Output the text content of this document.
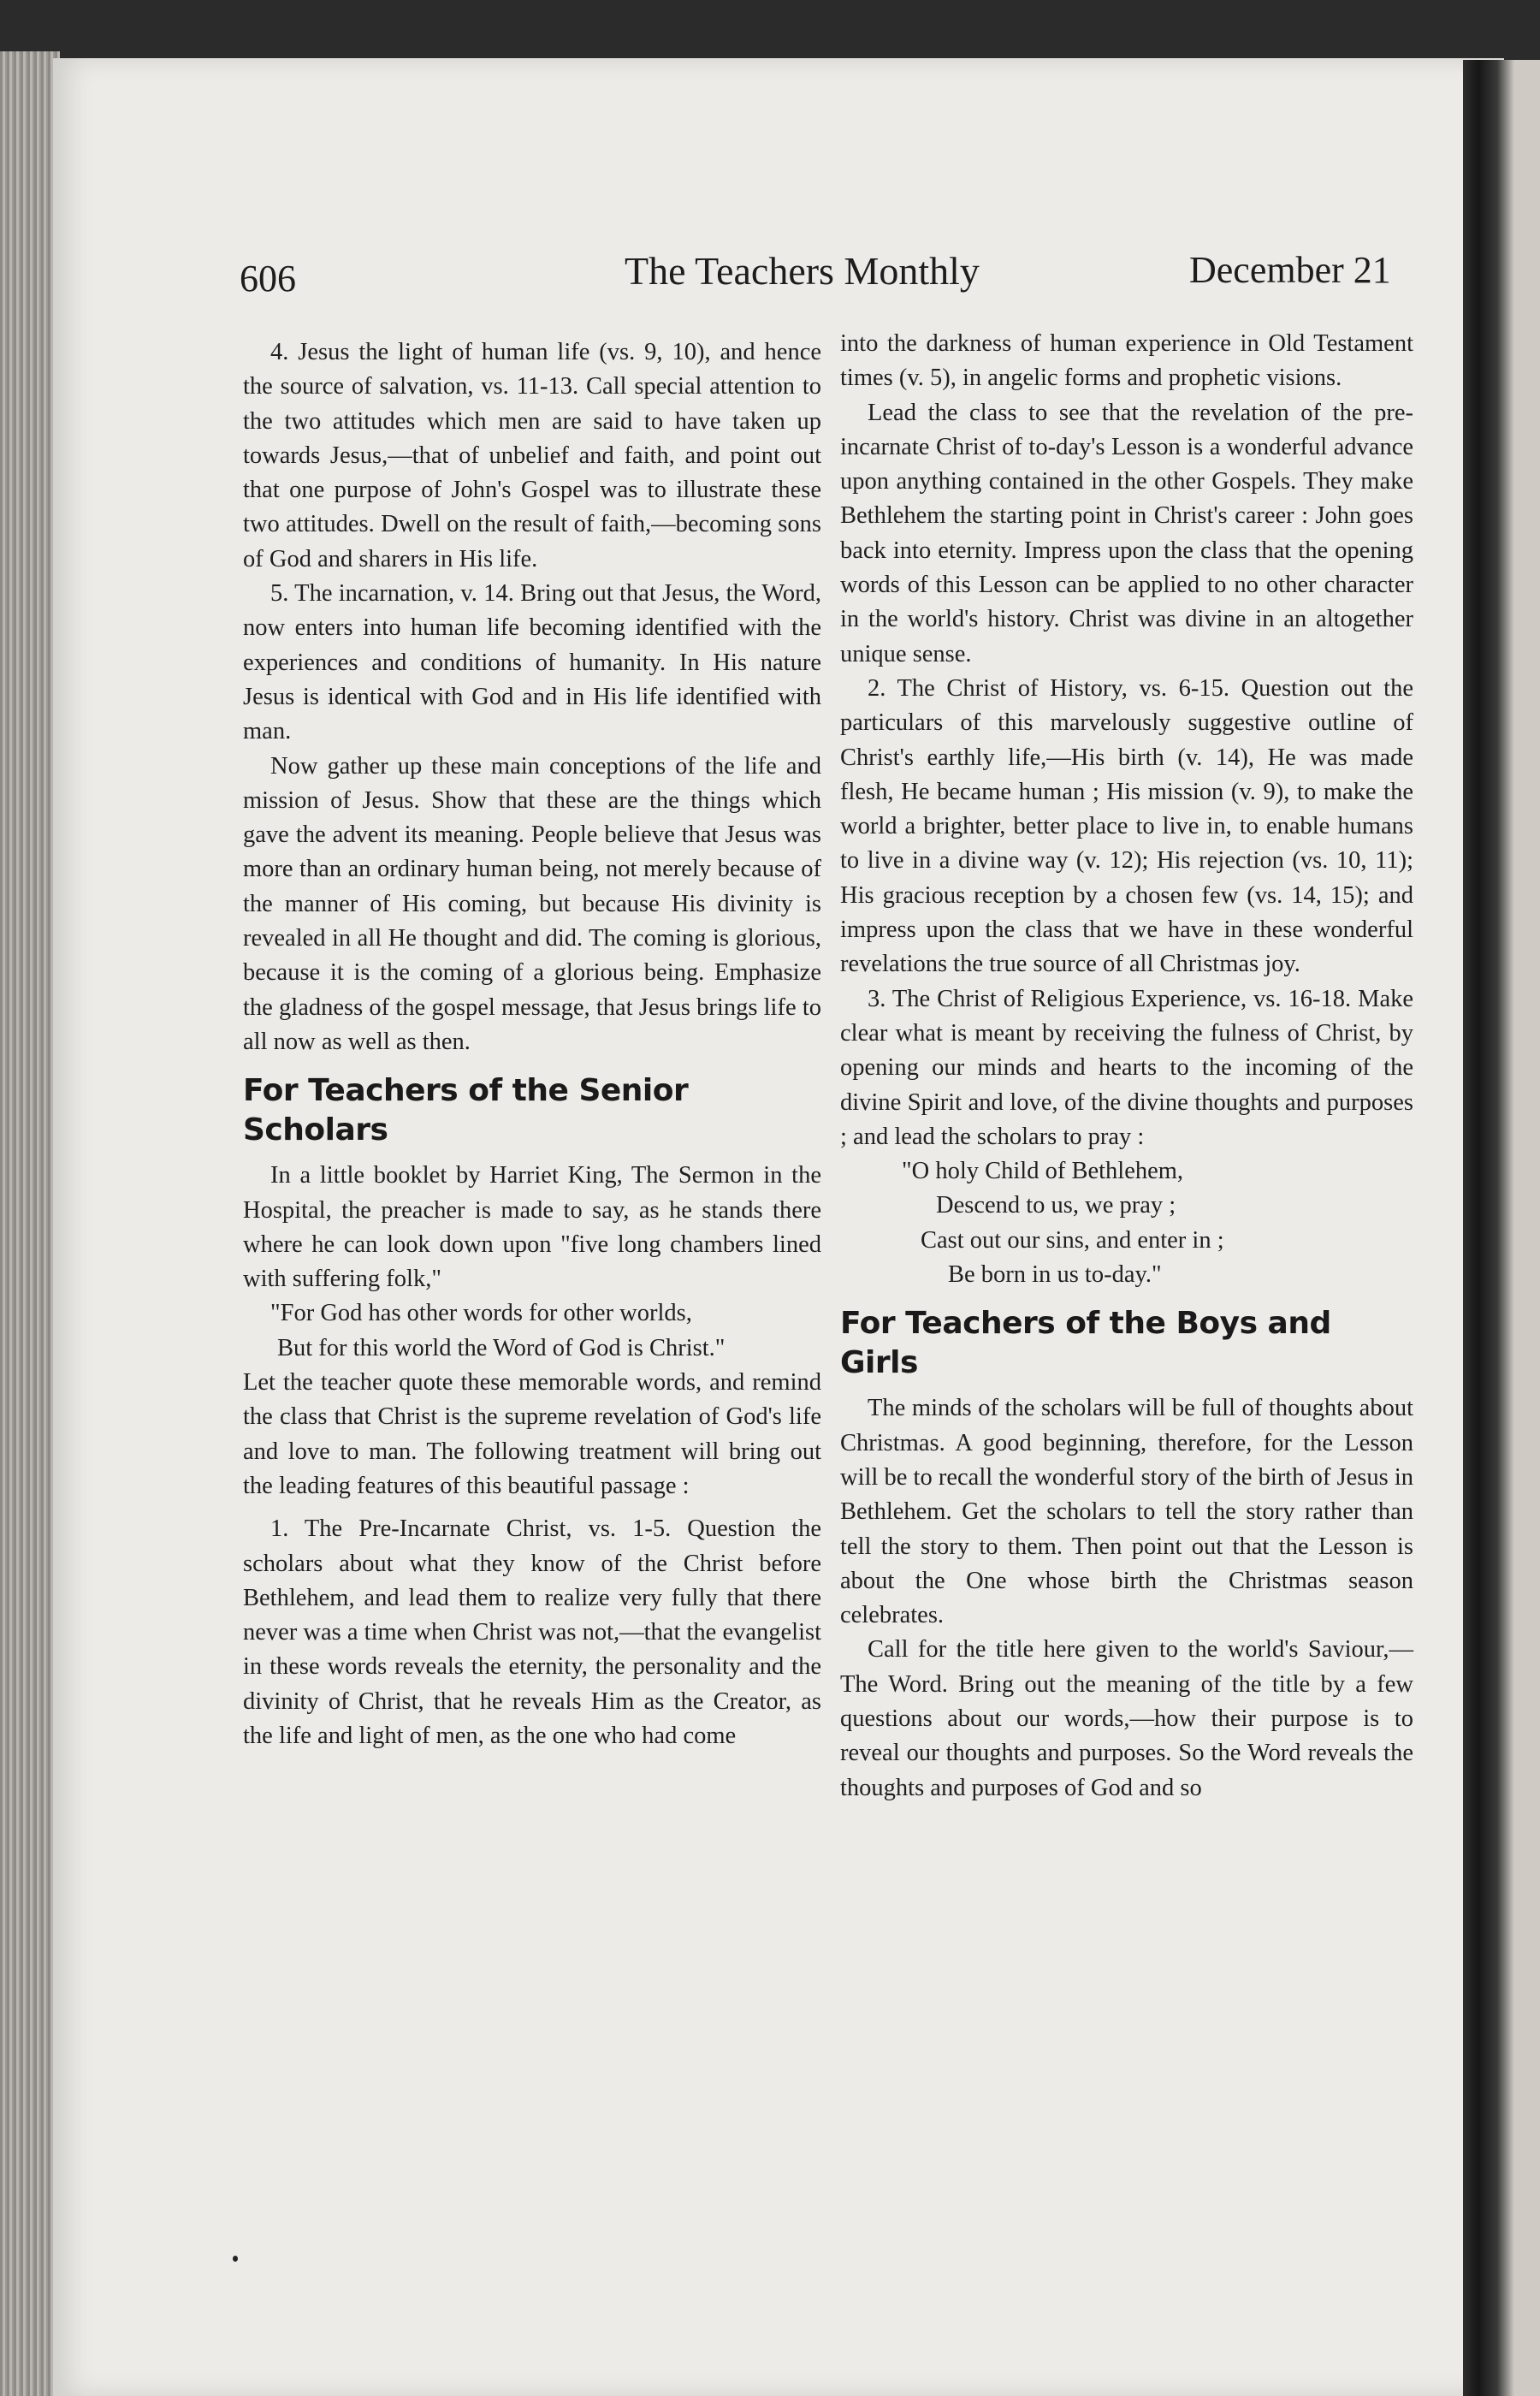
606	The Teachers Monthly	December 21

4. Jesus the light of human life (vs. 9, 10), and hence the source of salvation, vs. 11-13. Call special attention to the two attitudes which men are said to have taken up towards Jesus,—that of unbelief and faith, and point out that one purpose of John's Gospel was to illustrate these two attitudes. Dwell on the result of faith,—becoming sons of God and sharers in His life.

5. The incarnation, v. 14. Bring out that Jesus, the Word, now enters into human life becoming identified with the experiences and conditions of humanity. In His nature Jesus is identical with God and in His life identified with man.

Now gather up these main conceptions of the life and mission of Jesus. Show that these are the things which gave the advent its meaning. People believe that Jesus was more than an ordinary human being, not merely because of the manner of His coming, but because His divinity is revealed in all He thought and did. The coming is glorious, because it is the coming of a glorious being. Emphasize the gladness of the gospel message, that Jesus brings life to all now as well as then.

For Teachers of the Senior Scholars

In a little booklet by Harriet King, The Sermon in the Hospital, the preacher is made to say, as he stands there where he can look down upon "five long chambers lined with suffering folk,"

"For God has other words for other worlds,

But for this world the Word of God is Christ."

Let the teacher quote these memorable words, and remind the class that Christ is the supreme revelation of God's life and love to man. The following treatment will bring out the leading features of this beautiful passage :

1. The Pre-Incarnate Christ, vs. 1-5. Question the scholars about what they know of the Christ before Bethlehem, and lead them to realize very fully that there never was a time when Christ was not,—that the evangelist in these words reveals the eternity, the personality and the divinity of Christ, that he reveals Him as the Creator, as the life and light of men, as the one who had come

into the darkness of human experience in Old Testament times (v. 5), in angelic forms and prophetic visions.

Lead the class to see that the revelation of the pre-incarnate Christ of to-day's Lesson is a wonderful advance upon anything contained in the other Gospels. They make Bethlehem the starting point in Christ's career : John goes back into eternity. Impress upon the class that the opening words of this Lesson can be applied to no other character in the world's history. Christ was divine in an altogether unique sense.

2. The Christ of History, vs. 6-15. Question out the particulars of this marvelously suggestive outline of Christ's earthly life,—His birth (v. 14), He was made flesh, He became human ; His mission (v. 9), to make the world a brighter, better place to live in, to enable humans to live in a divine way (v. 12); His rejection (vs. 10, 11); His gracious reception by a chosen few (vs. 14, 15); and impress upon the class that we have in these wonderful revelations the true source of all Christmas joy.

3. The Christ of Religious Experience, vs. 16-18. Make clear what is meant by receiving the fulness of Christ, by opening our minds and hearts to the incoming of the divine Spirit and love, of the divine thoughts and purposes ; and lead the scholars to pray :

"O holy Child of Bethlehem,

Descend to us, we pray ;

Cast out our sins, and enter in ;

Be born in us to-day."

For Teachers of the Boys and Girls

The minds of the scholars will be full of thoughts about Christmas. A good beginning, therefore, for the Lesson will be to recall the wonderful story of the birth of Jesus in Bethlehem. Get the scholars to tell the story rather than tell the story to them. Then point out that the Lesson is about the One whose birth the Christmas season celebrates.

Call for the title here given to the world's Saviour,—The Word. Bring out the meaning of the title by a few questions about our words,—how their purpose is to reveal our thoughts and purposes. So the Word reveals the thoughts and purposes of God and so
